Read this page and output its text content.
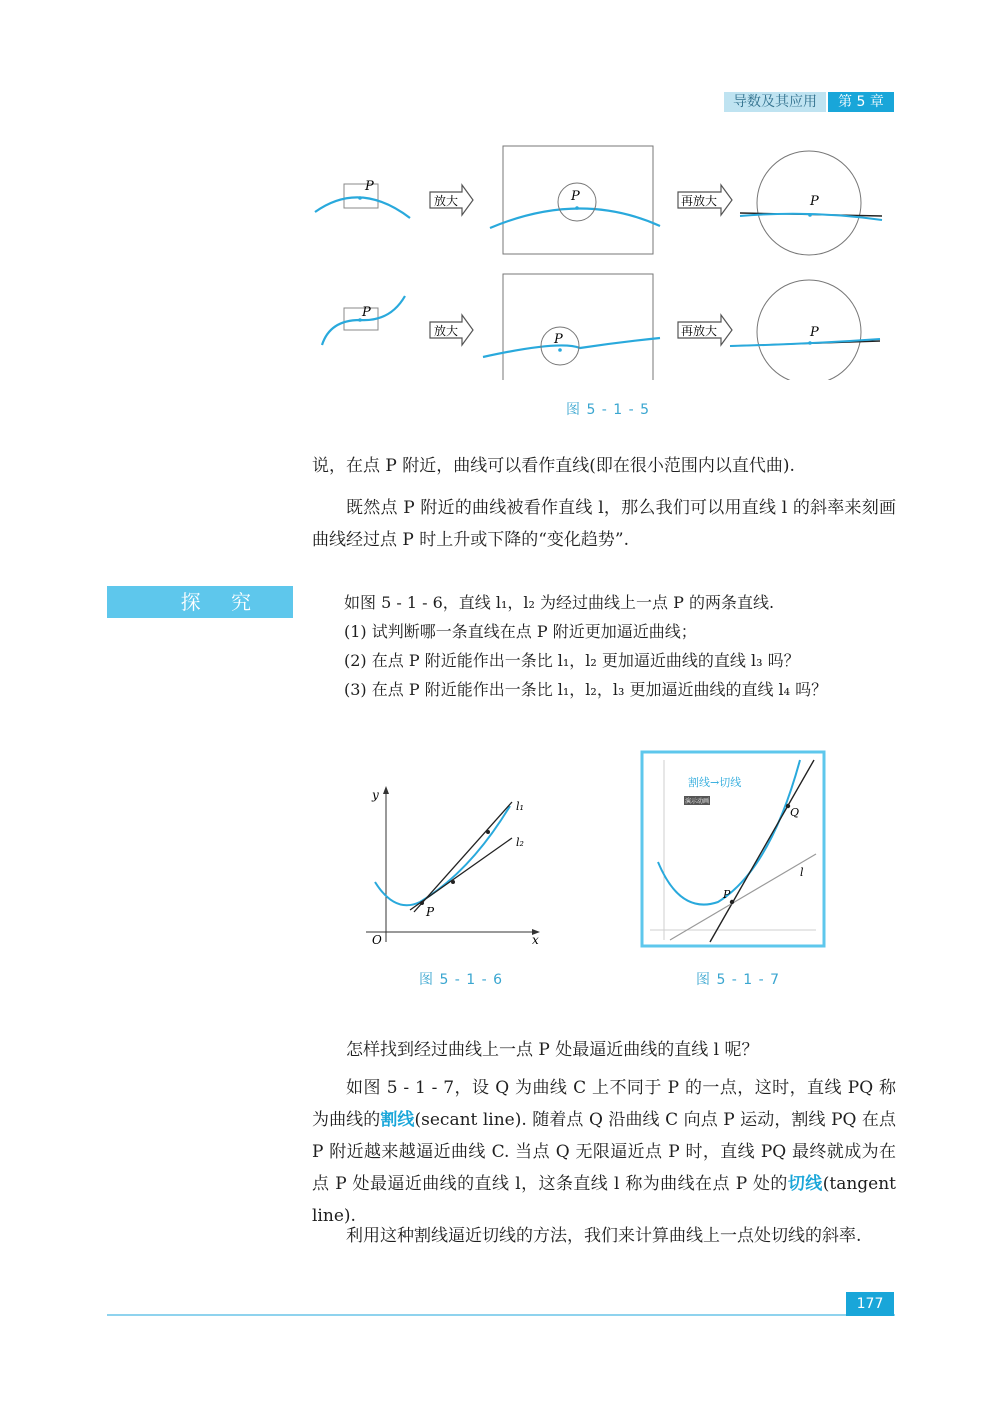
导数及其应用	第 5 章
P
放大	P	再放大	P
P
放大
P
再放大	P
图 5 - 1 - 5
说，在点 P 附近，曲线可以看作直线(即在很小范围内以直代曲).
既然点 P 附近的曲线被看作直线 l，那么我们可以用直线 l 的斜率来刻画曲线经过点 P 时上升或下降的“变化趋势”.
探 究	如图 5 - 1 - 6，直线 l₁，l₂ 为经过曲线上一点 P 的两条直线.
(1) 试判断哪一条直线在点 P 附近更加逼近曲线；
(2) 在点 P 附近能作出一条比 l₁，l₂ 更加逼近曲线的直线 l₃ 吗？
(3) 在点 P 附近能作出一条比 l₁，l₂，l₃ 更加逼近曲线的直线 l₄ 吗？
y
x
O
P
l₁
l₂
图 5 - 1 - 6
割线→切线
演示动画
P
Q
l
图 5 - 1 - 7
怎样找到经过曲线上一点 P 处最逼近曲线的直线 l 呢？
如图 5 - 1 - 7，设 Q 为曲线 C 上不同于 P 的一点，这时，直线 PQ 称为曲线的割线(secant line). 随着点 Q 沿曲线 C 向点 P 运动，割线 PQ 在点 P 附近越来越逼近曲线 C. 当点 Q 无限逼近点 P 时，直线 PQ 最终就成为在点 P 处最逼近曲线的直线 l，这条直线 l 称为曲线在点 P 处的切线(tangent line).
利用这种割线逼近切线的方法，我们来计算曲线上一点处切线的斜率.
177
